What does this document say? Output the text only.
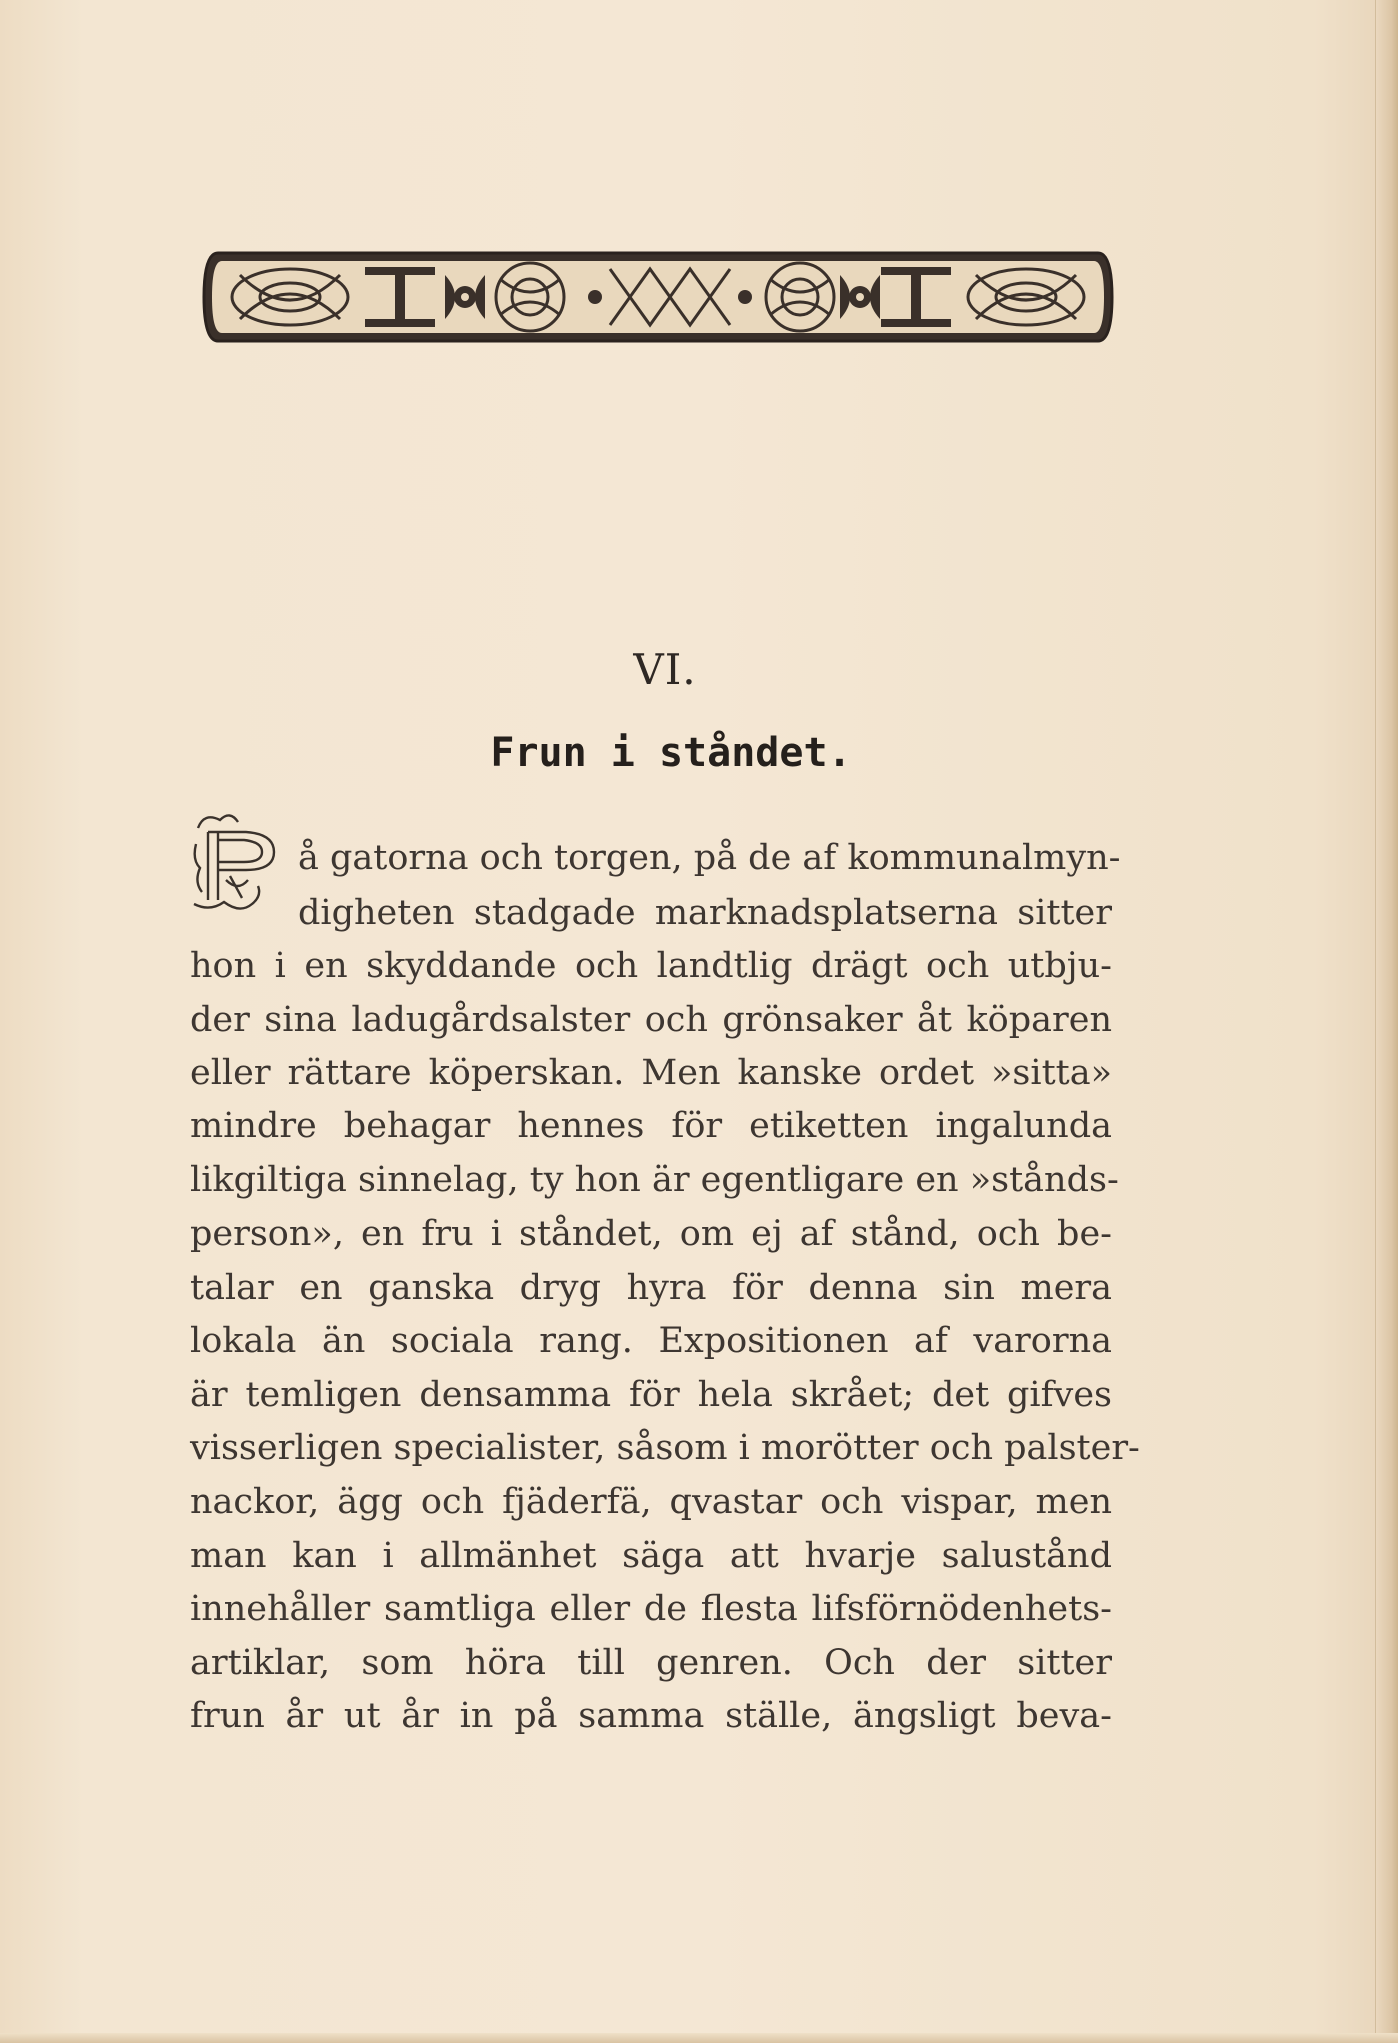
VI.
Frun i ståndet.
P
å gatorna och torgen, på de af kommunalmyn-
digheten stadgade marknadsplatserna sitter
hon i en skyddande och landtlig drägt och utbju-
der sina ladugårdsalster och grönsaker åt köparen
eller rättare köperskan. Men kanske ordet »sitta»
mindre behagar hennes för etiketten ingalunda
likgiltiga sinnelag, ty hon är egentligare en »stånds-
person», en fru i ståndet, om ej af stånd, och be-
talar en ganska dryg hyra för denna sin mera
lokala än sociala rang. Expositionen af varorna
är temligen densamma för hela skrået; det gifves
visserligen specialister, såsom i morötter och palster-
nackor, ägg och fjäderfä, qvastar och vispar, men
man kan i allmänhet säga att hvarje salustånd
innehåller samtliga eller de flesta lifsförnödenhets-
artiklar, som höra till genren. Och der sitter
frun år ut år in på samma ställe, ängsligt beva-
